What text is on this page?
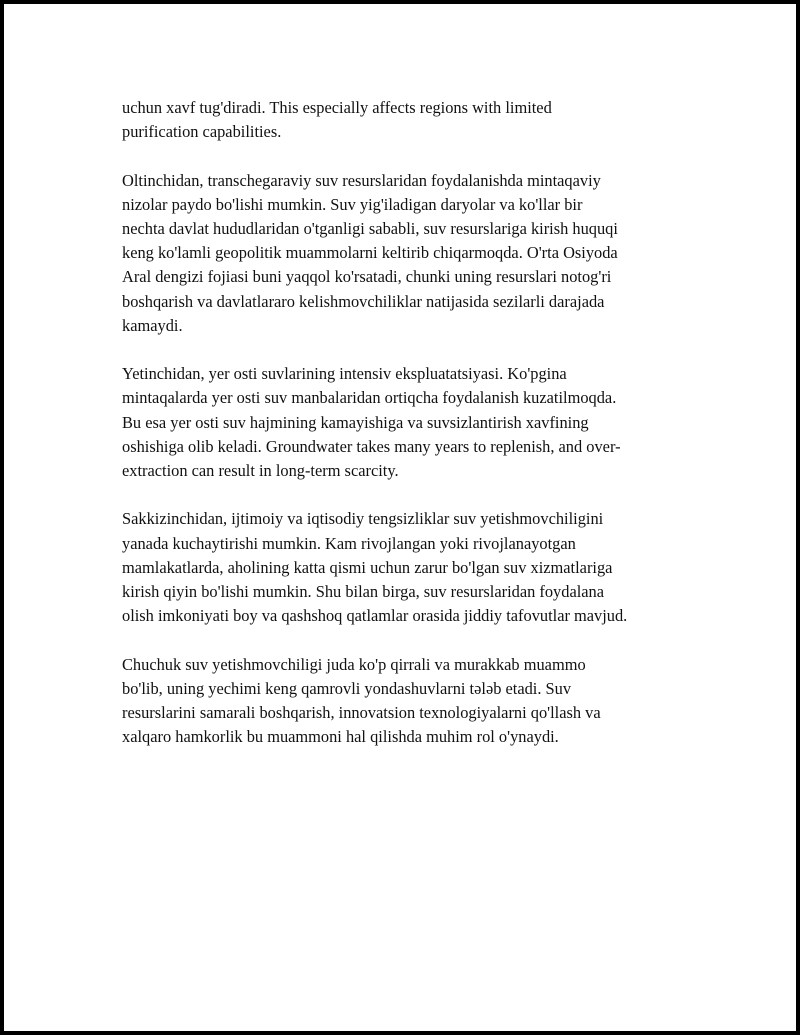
uchun xavf tug'diradi. This especially affects regions with limited
purification capabilities.

Oltinchidan, transchegaraviy suv resurslaridan foydalanishda mintaqaviy
nizolar paydo bo'lishi mumkin. Suv yig'iladigan daryolar va ko'llar bir
nechta davlat hududlaridan o'tganligi sababli, suv resurslariga kirish huquqi
keng ko'lamli geopolitik muammolarni keltirib chiqarmoqda. O'rta Osiyoda
Aral dengizi fojiasi buni yaqqol ko'rsatadi, chunki uning resurslari notog'ri
boshqarish va davlatlararo kelishmovchiliklar natijasida sezilarli darajada
kamaydi.

Yetinchidan, yer osti suvlarining intensiv ekspluatatsiyasi. Ko'pgina
mintaqalarda yer osti suv manbalaridan ortiqcha foydalanish kuzatilmoqda.
Bu esa yer osti suv hajmining kamayishiga va suvsizlantirish xavfining
oshishiga olib keladi. Groundwater takes many years to replenish, and over-
extraction can result in long-term scarcity.

Sakkizinchidan, ijtimoiy va iqtisodiy tengsizliklar suv yetishmovchiligini
yanada kuchaytirishi mumkin. Kam rivojlangan yoki rivojlanayotgan
mamlakatlarda, aholining katta qismi uchun zarur bo'lgan suv xizmatlariga
kirish qiyin bo'lishi mumkin. Shu bilan birga, suv resurslaridan foydalana
olish imkoniyati boy va qashshoq qatlamlar orasida jiddiy tafovutlar mavjud.

Chuchuk suv yetishmovchiligi juda ko'p qirrali va murakkab muammo
bo'lib, uning yechimi keng qamrovli yondashuvlarni tələb etadi. Suv
resurslarini samarali boshqarish, innovatsion texnologiyalarni qo'llash va
xalqaro hamkorlik bu muammoni hal qilishda muhim rol o'ynaydi.
